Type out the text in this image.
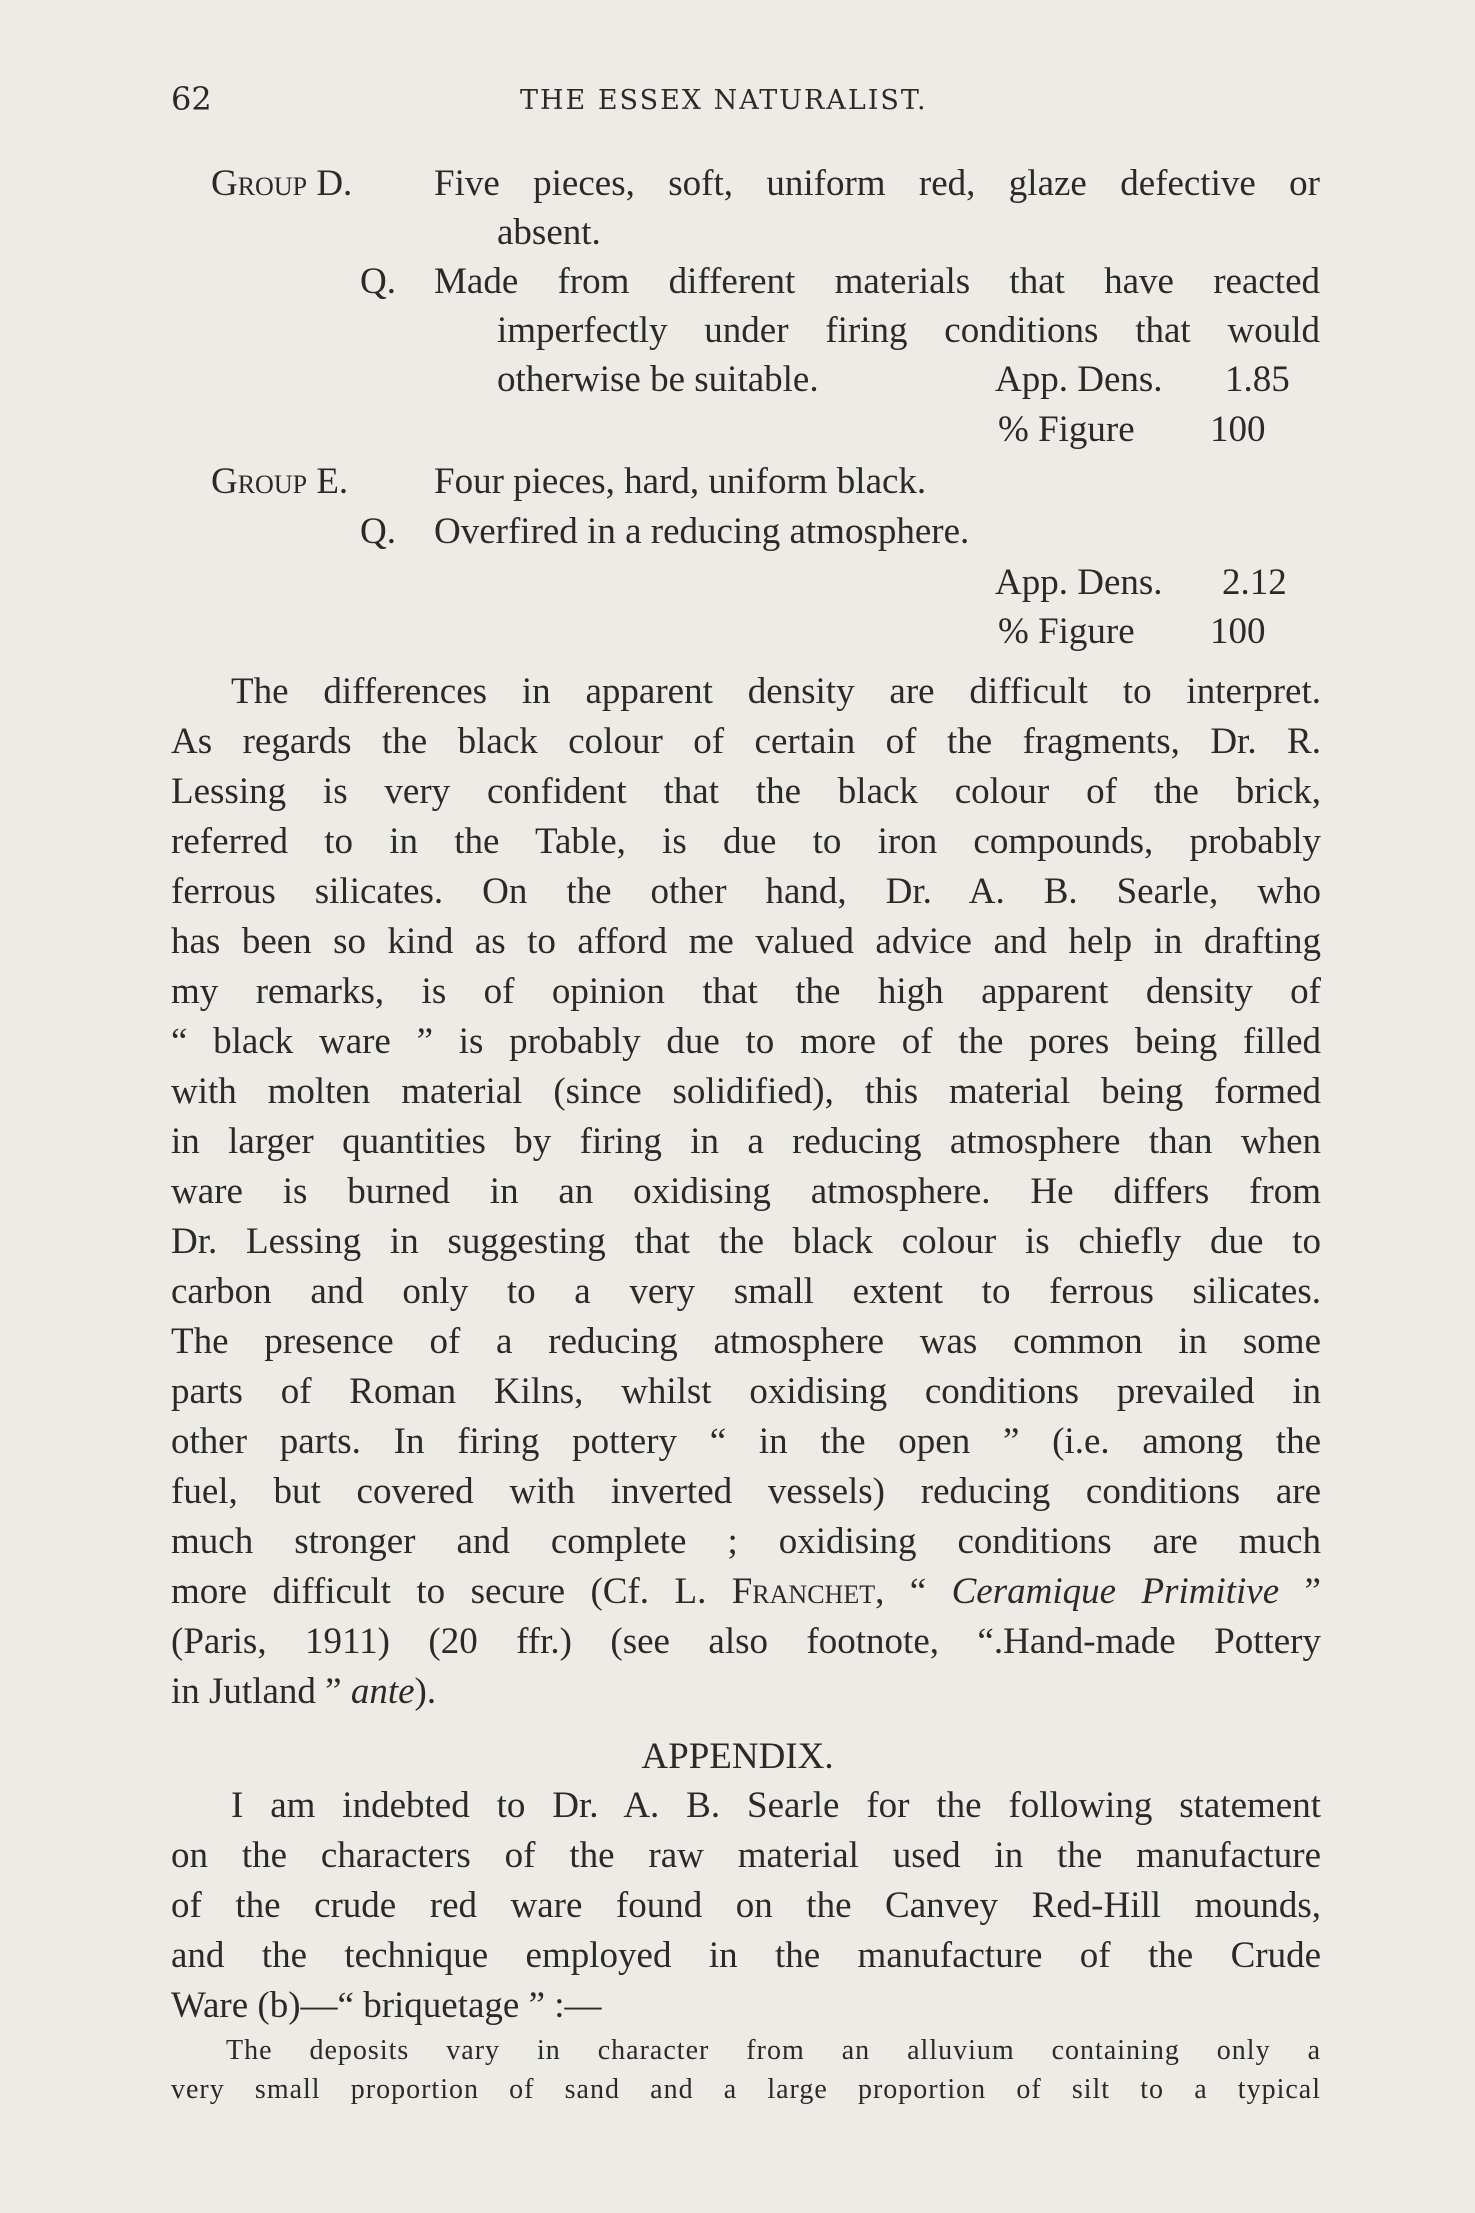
62	THE ESSEX NATURALIST.
Group D. Five pieces, soft, uniform red, glaze defective or
absent.
Q. Made from different materials that have reacted
imperfectly under firing conditions that would
otherwise be suitable.	App. Dens. 1.85
% Figure 100
Group E. Four pieces, hard, uniform black.
Q. Overfired in a reducing atmosphere.
App. Dens. 2.12
% Figure 100
The differences in apparent density are difficult to interpret.
As regards the black colour of certain of the fragments, Dr. R.
Lessing is very confident that the black colour of the brick,
referred to in the Table, is due to iron compounds, probably
ferrous silicates. On the other hand, Dr. A. B. Searle, who
has been so kind as to afford me valued advice and help in drafting
my remarks, is of opinion that the high apparent density of
“ black ware ” is probably due to more of the pores being filled
with molten material (since solidified), this material being formed
in larger quantities by firing in a reducing atmosphere than when
ware is burned in an oxidising atmosphere. He differs from
Dr. Lessing in suggesting that the black colour is chiefly due to
carbon and only to a very small extent to ferrous silicates.
The presence of a reducing atmosphere was common in some
parts of Roman Kilns, whilst oxidising conditions prevailed in
other parts. In firing pottery “ in the open ” (i.e. among the
fuel, but covered with inverted vessels) reducing conditions are
much stronger and complete ; oxidising conditions are much
more difficult to secure (Cf. L. Franchet, “ Ceramique Primitive ”
(Paris, 1911) (20 ffr.) (see also footnote, “.Hand-made Pottery
in Jutland ” ante).
APPENDIX.
I am indebted to Dr. A. B. Searle for the following statement
on the characters of the raw material used in the manufacture
of the crude red ware found on the Canvey Red-Hill mounds,
and the technique employed in the manufacture of the Crude
Ware (b)—“ briquetage ” :—
The deposits vary in character from an alluvium containing only a
very small proportion of sand and a large proportion of silt to a typical
